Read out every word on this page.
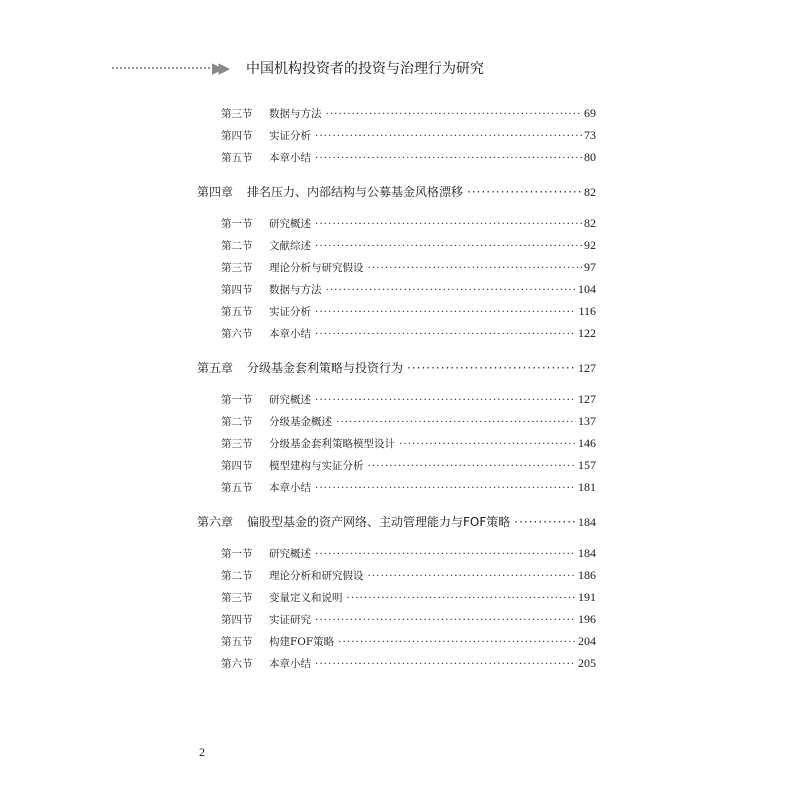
▶▶ 中国机构投资者的投资与治理行为研究
第三节	数据与方法 ·····	69
第四节	实证分析 ·····	73
第五节	本章小结 ·····	80
第四章	排名压力、内部结构与公募基金风格漂移 ·····	82
第一节	研究概述 ·····	82
第二节	文献综述 ·····	92
第三节	理论分析与研究假设 ·····	97
第四节	数据与方法 ·····	104
第五节	实证分析 ·····	116
第六节	本章小结 ·····	122
第五章	分级基金套利策略与投资行为 ·····	127
第一节	研究概述 ·····	127
第二节	分级基金概述 ·····	137
第三节	分级基金套利策略模型设计 ·····	146
第四节	模型建构与实证分析 ·····	157
第五节	本章小结 ·····	181
第六章	偏股型基金的资产网络、主动管理能力与FOF策略 ·····	184
第一节	研究概述 ·····	184
第二节	理论分析和研究假设 ·····	186
第三节	变量定义和说明 ·····	191
第四节	实证研究 ·····	196
第五节	构建FOF策略 ·····	204
第六节	本章小结 ·····	205
2
